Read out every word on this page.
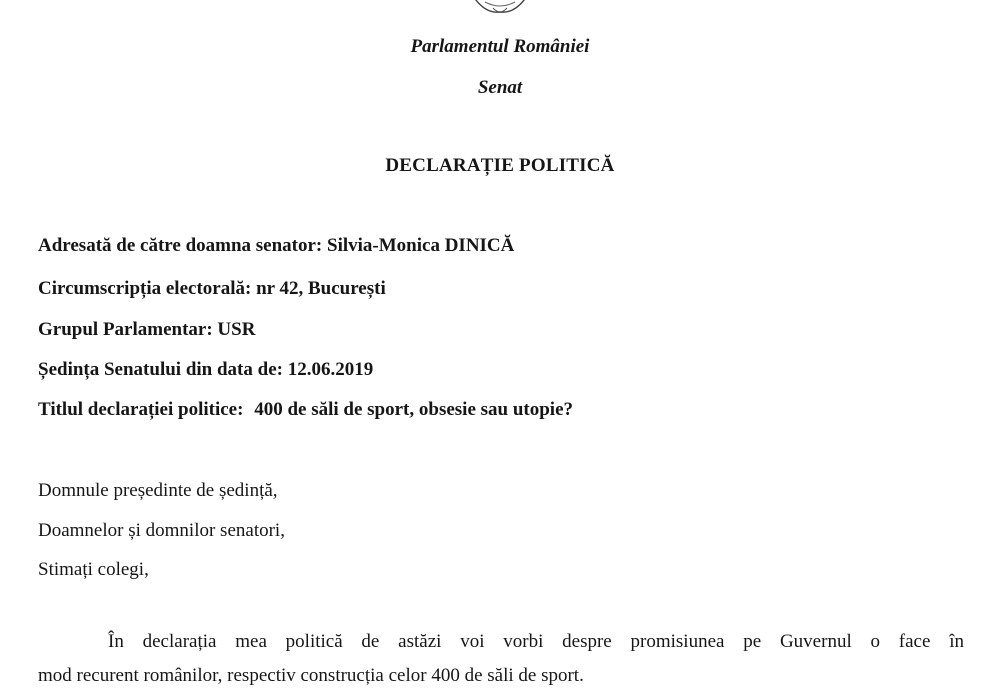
Parlamentul României
Senat
DECLARAȚIE POLITICĂ
Adresată de către doamna senator: Silvia-Monica DINICĂ
Circumscripția electorală: nr 42, București
Grupul Parlamentar: USR
Ședința Senatului din data de: 12.06.2019
Titlul declarației politice: 400 de săli de sport, obsesie sau utopie?
Domnule președinte de ședință,
Doamnelor și domnilor senatori,
Stimați colegi,
În declarația mea politică de astăzi voi vorbi despre promisiunea pe Guvernul o face în
mod recurent românilor, respectiv construcția celor 400 de săli de sport.
